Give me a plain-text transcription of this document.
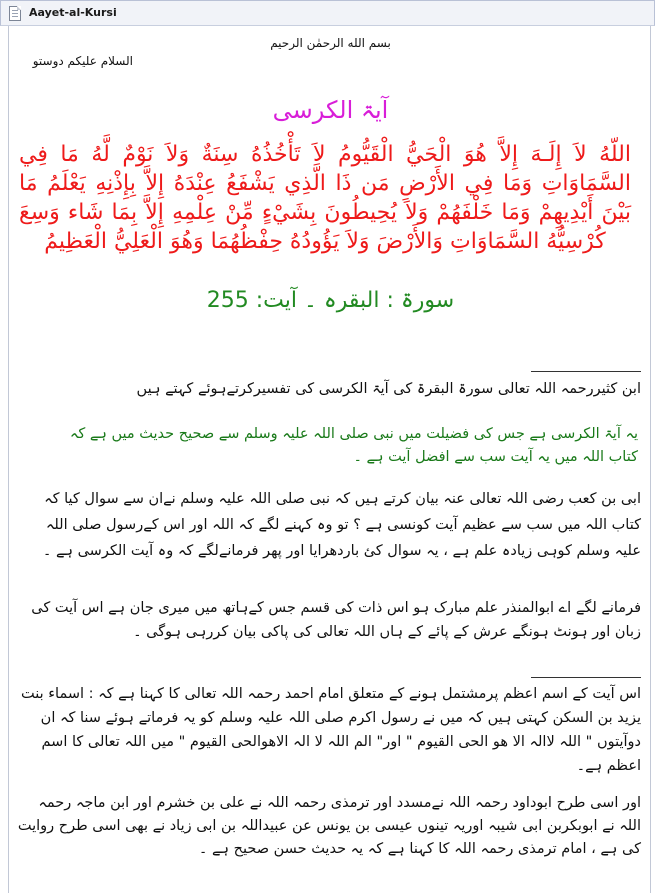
Aayet-al-Kursi
بسم الله الرحمٰن الرحيم
السلام علیکم دوستو
آیۃ الکرسی
اللّهُ لاَ إِلَـهَ إِلاَّ هُوَ الْحَيُّ الْقَيُّومُ لاَ تَأْخُذُهُ سِنَةٌ وَلاَ نَوْمٌ لَّهُ مَا فِي السَّمَاوَاتِ وَمَا فِي الأَرْضِ مَن ذَا الَّذِي يَشْفَعُ عِنْدَهُ إِلاَّ بِإِذْنِهِ يَعْلَمُ مَا بَيْنَ أَيْدِيهِمْ وَمَا خَلْفَهُمْ وَلاَ يُحِيطُونَ بِشَيْءٍ مِّنْ عِلْمِهِ إِلاَّ بِمَا شَاء وَسِعَ كُرْسِيُّهُ السَّمَاوَاتِ وَالأَرْضَ وَلاَ يَؤُودُهُ حِفْظُهُمَا وَهُوَ الْعَلِيُّ الْعَظِيمُ
سورۃ : البقرہ ۔ آیت: 255
ابن کثیررحمہ اللہ تعالی سورۃ البقرۃ کی آیۃ الکرسی کی تفسیرکرتےہوئے کہتے ہیں
یہ آیۃ الکرسی ہے جس کی فضیلت میں نبی صلی اللہ علیہ وسلم سے صحیح حدیث میں ہے کہ کتاب اللہ میں یہ آیت سب سے افضل آیت ہے ۔
ابی بن کعب رضی اللہ تعالی عنہ بیان کرتے ہیں کہ نبی صلی اللہ علیہ وسلم نےان سے سوال کیا کہ کتاب اللہ میں سب سے عظیم آیت کونسی ہے ؟ تو وہ کہنے لگے کہ اللہ اور اس کےرسول صلی اللہ علیہ وسلم کوہی زیادہ علم ہے ، یہ سوال کئ بارد‌ھرایا اور پھر فرمانےلگے کہ وہ آیت الکرسی ہے ۔
فرمانے لگے اے ابوالمنذر علم مبارک ہو اس ذات کی قسم جس کےہاتھ میں میری جان ہے اس آیت کی زبان اور ہونٹ ہونگے عرش کے پائے کے ہاں اللہ تعالی کی پاکی بیان کررہی ہوگی ۔
اس آیت کے اسم اعظم پرمشتمل ہونے کے متعلق امام احمد رحمہ اللہ تعالی کا کہنا ہے کہ : اسماء بنت یزید بن السکن کہتی ہیں کہ میں نے رسول اکرم صلی اللہ علیہ وسلم کو یہ فرماتے ہوئے سنا کہ ان دوآیتوں " اللہ لاالہ الا ھو الحی القیوم " اور" الم اللہ لا الہ الاھوالحی القیوم " میں اللہ تعالی کا اسم اعظم ہے۔
اور اسی طرح ابوداود رحمہ اللہ نےمسدد اور ترمذی رحمہ اللہ نے علی بن خشرم اور ابن ماجہ رحمہ اللہ نے ابوبکربن ابی شیبہ اوریہ تینوں عیسی بن یونس عن عبیداللہ بن ابی زیاد نے بھی اسی طرح روایت کی ہے ، امام ترمذی رحمہ اللہ کا کہنا ہے کہ یہ حدیث حسن صحیح ہے ۔
